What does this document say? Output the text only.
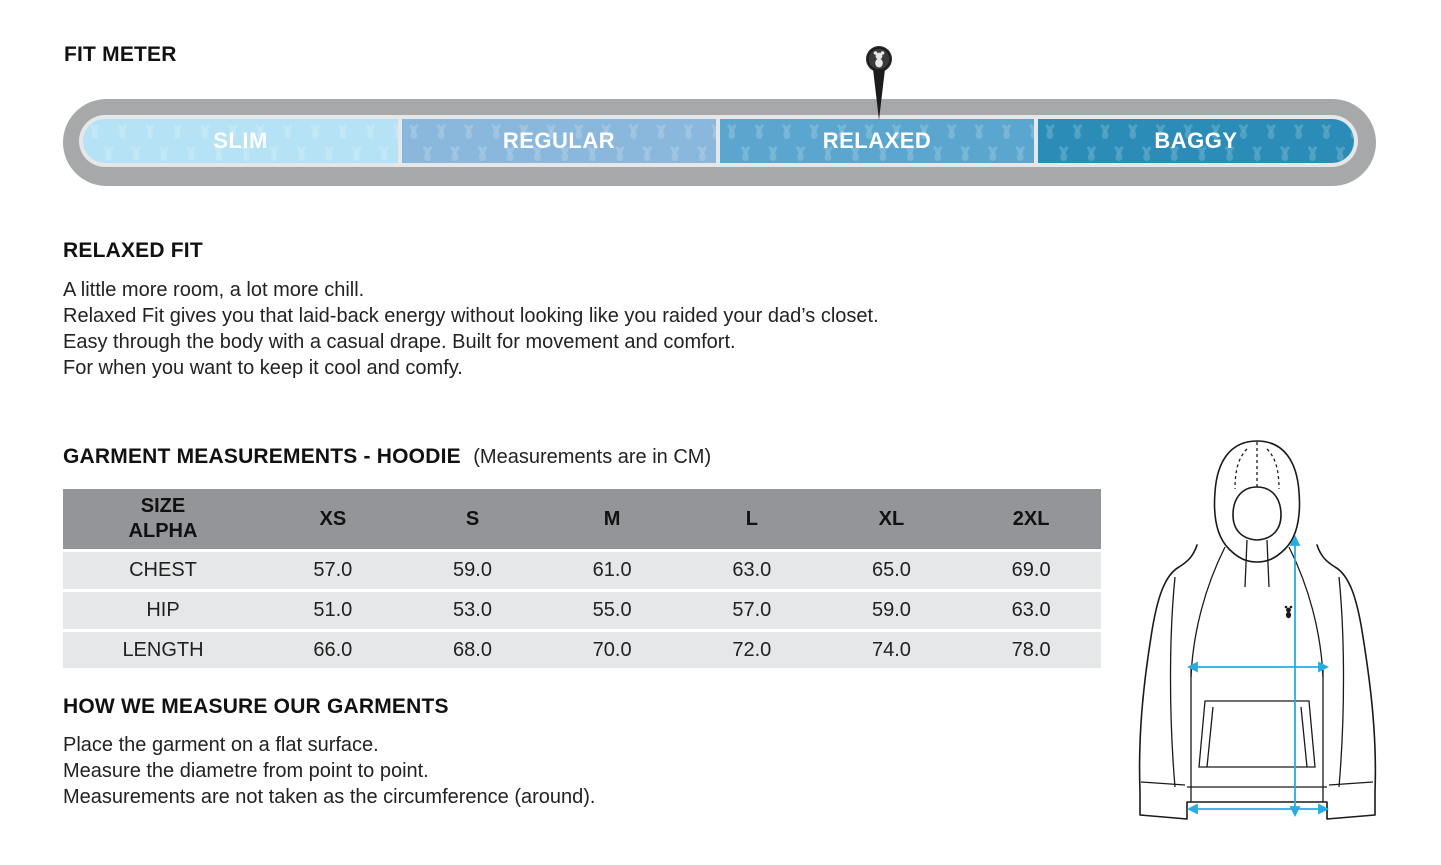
FIT METER
SLIM	REGULAR	RELAXED	BAGGY
RELAXED FIT
A little more room, a lot more chill.
Relaxed Fit gives you that laid-back energy without looking like you raided your dad’s closet.
Easy through the body with a casual drape. Built for movement and comfort.
For when you want to keep it cool and comfy.
GARMENT MEASUREMENTS - HOODIE (Measurements are in CM)
SIZE
ALPHA	XS	S	M	L	XL	2XL
CHEST	57.0	59.0	61.0	63.0	65.0	69.0
HIP	51.0	53.0	55.0	57.0	59.0	63.0
LENGTH	66.0	68.0	70.0	72.0	74.0	78.0
HOW WE MEASURE OUR GARMENTS
Place the garment on a flat surface.
Measure the diametre from point to point.
Measurements are not taken as the circumference (around).
